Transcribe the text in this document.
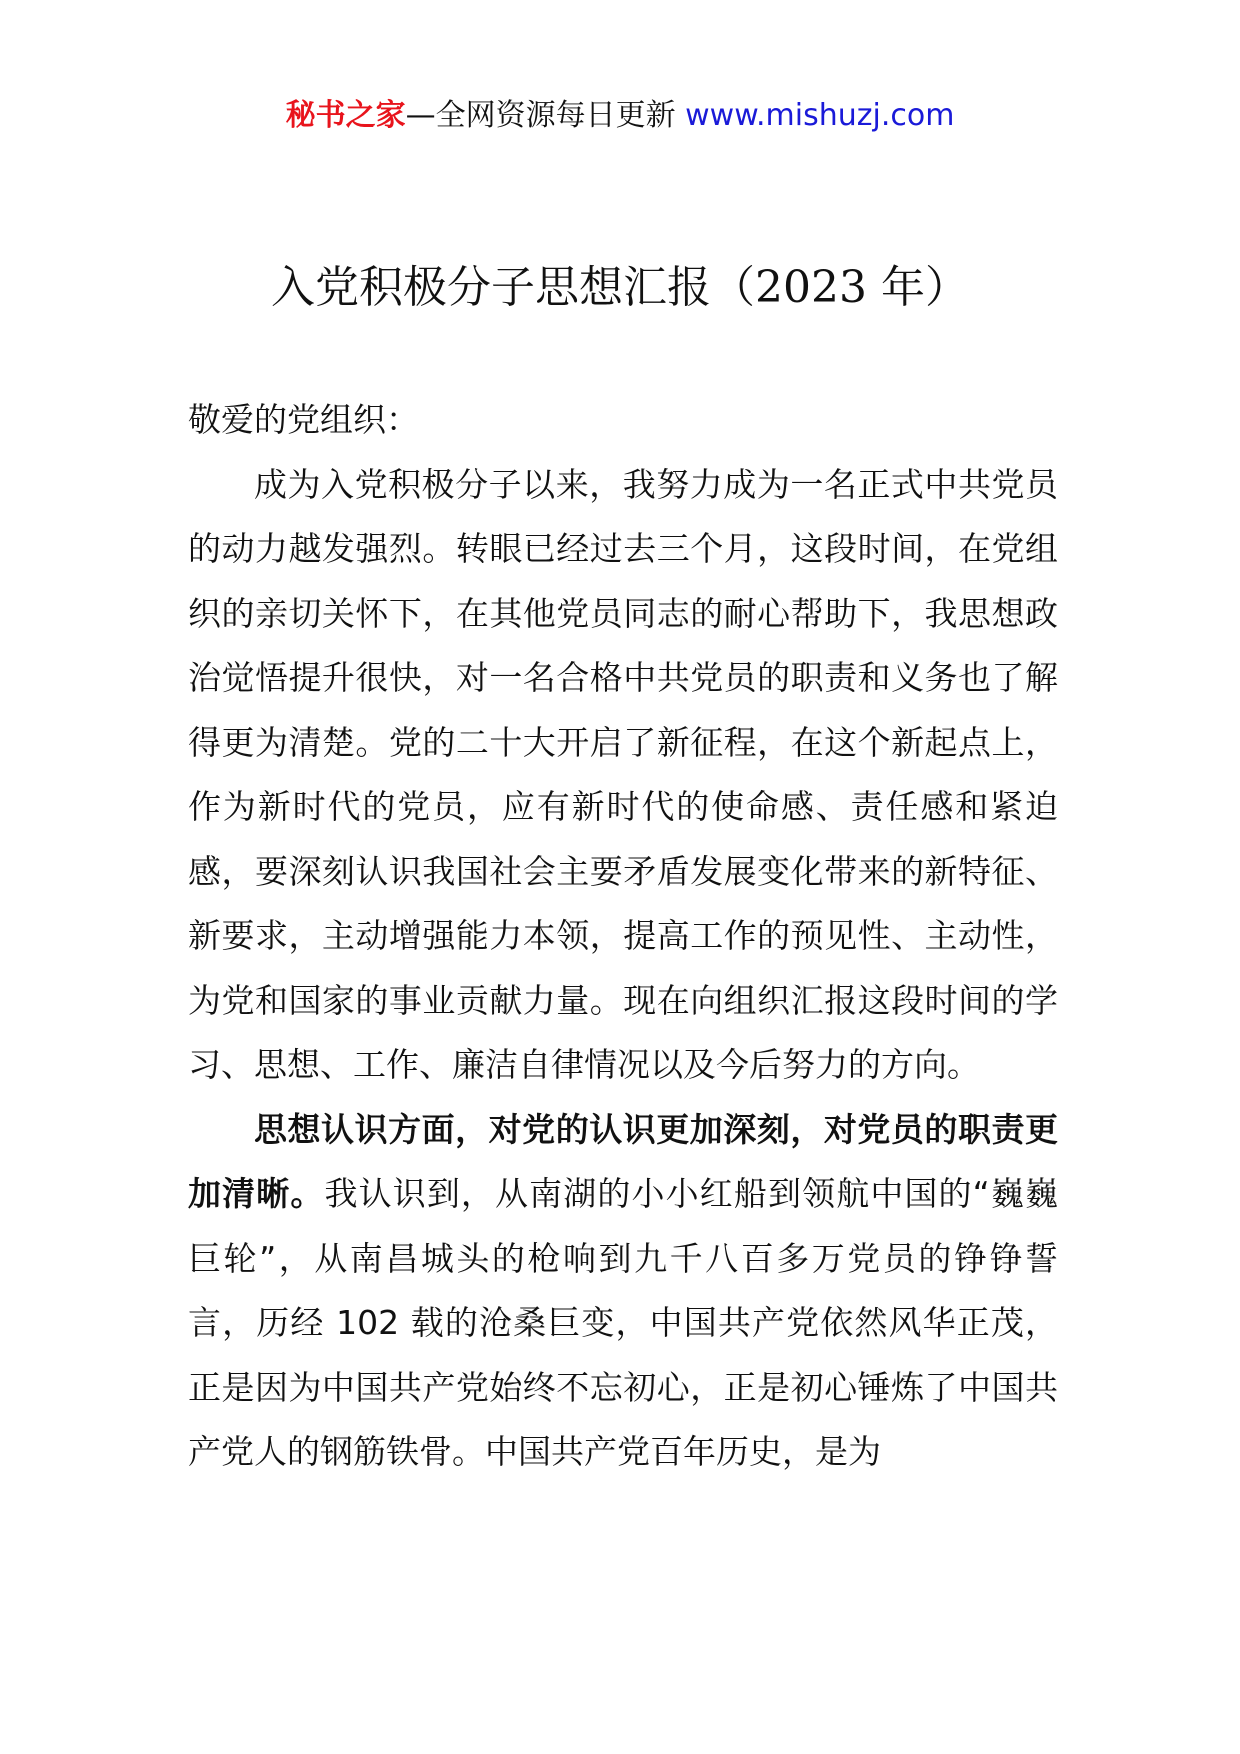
秘书之家—全网资源每日更新 www.mishuzj.com
入党积极分子思想汇报（2023 年）

敬爱的党组织：

成为入党积极分子以来，我努力成为一名正式中共党员的动力越发强烈。转眼已经过去三个月，这段时间，在党组织的亲切关怀下，在其他党员同志的耐心帮助下，我思想政治觉悟提升很快，对一名合格中共党员的职责和义务也了解得更为清楚。党的二十大开启了新征程，在这个新起点上，作为新时代的党员，应有新时代的使命感、责任感和紧迫感，要深刻认识我国社会主要矛盾发展变化带来的新特征、新要求，主动增强能力本领，提高工作的预见性、主动性，为党和国家的事业贡献力量。现在向组织汇报这段时间的学习、思想、工作、廉洁自律情况以及今后努力的方向。

思想认识方面，对党的认识更加深刻，对党员的职责更加清晰。我认识到，从南湖的小小红船到领航中国的“巍巍巨轮”，从南昌城头的枪响到九千八百多万党员的铮铮誓言，历经 102 载的沧桑巨变，中国共产党依然风华正茂，正是因为中国共产党始终不忘初心，正是初心锤炼了中国共产党人的钢筋铁骨。中国共产党百年历史，是为
